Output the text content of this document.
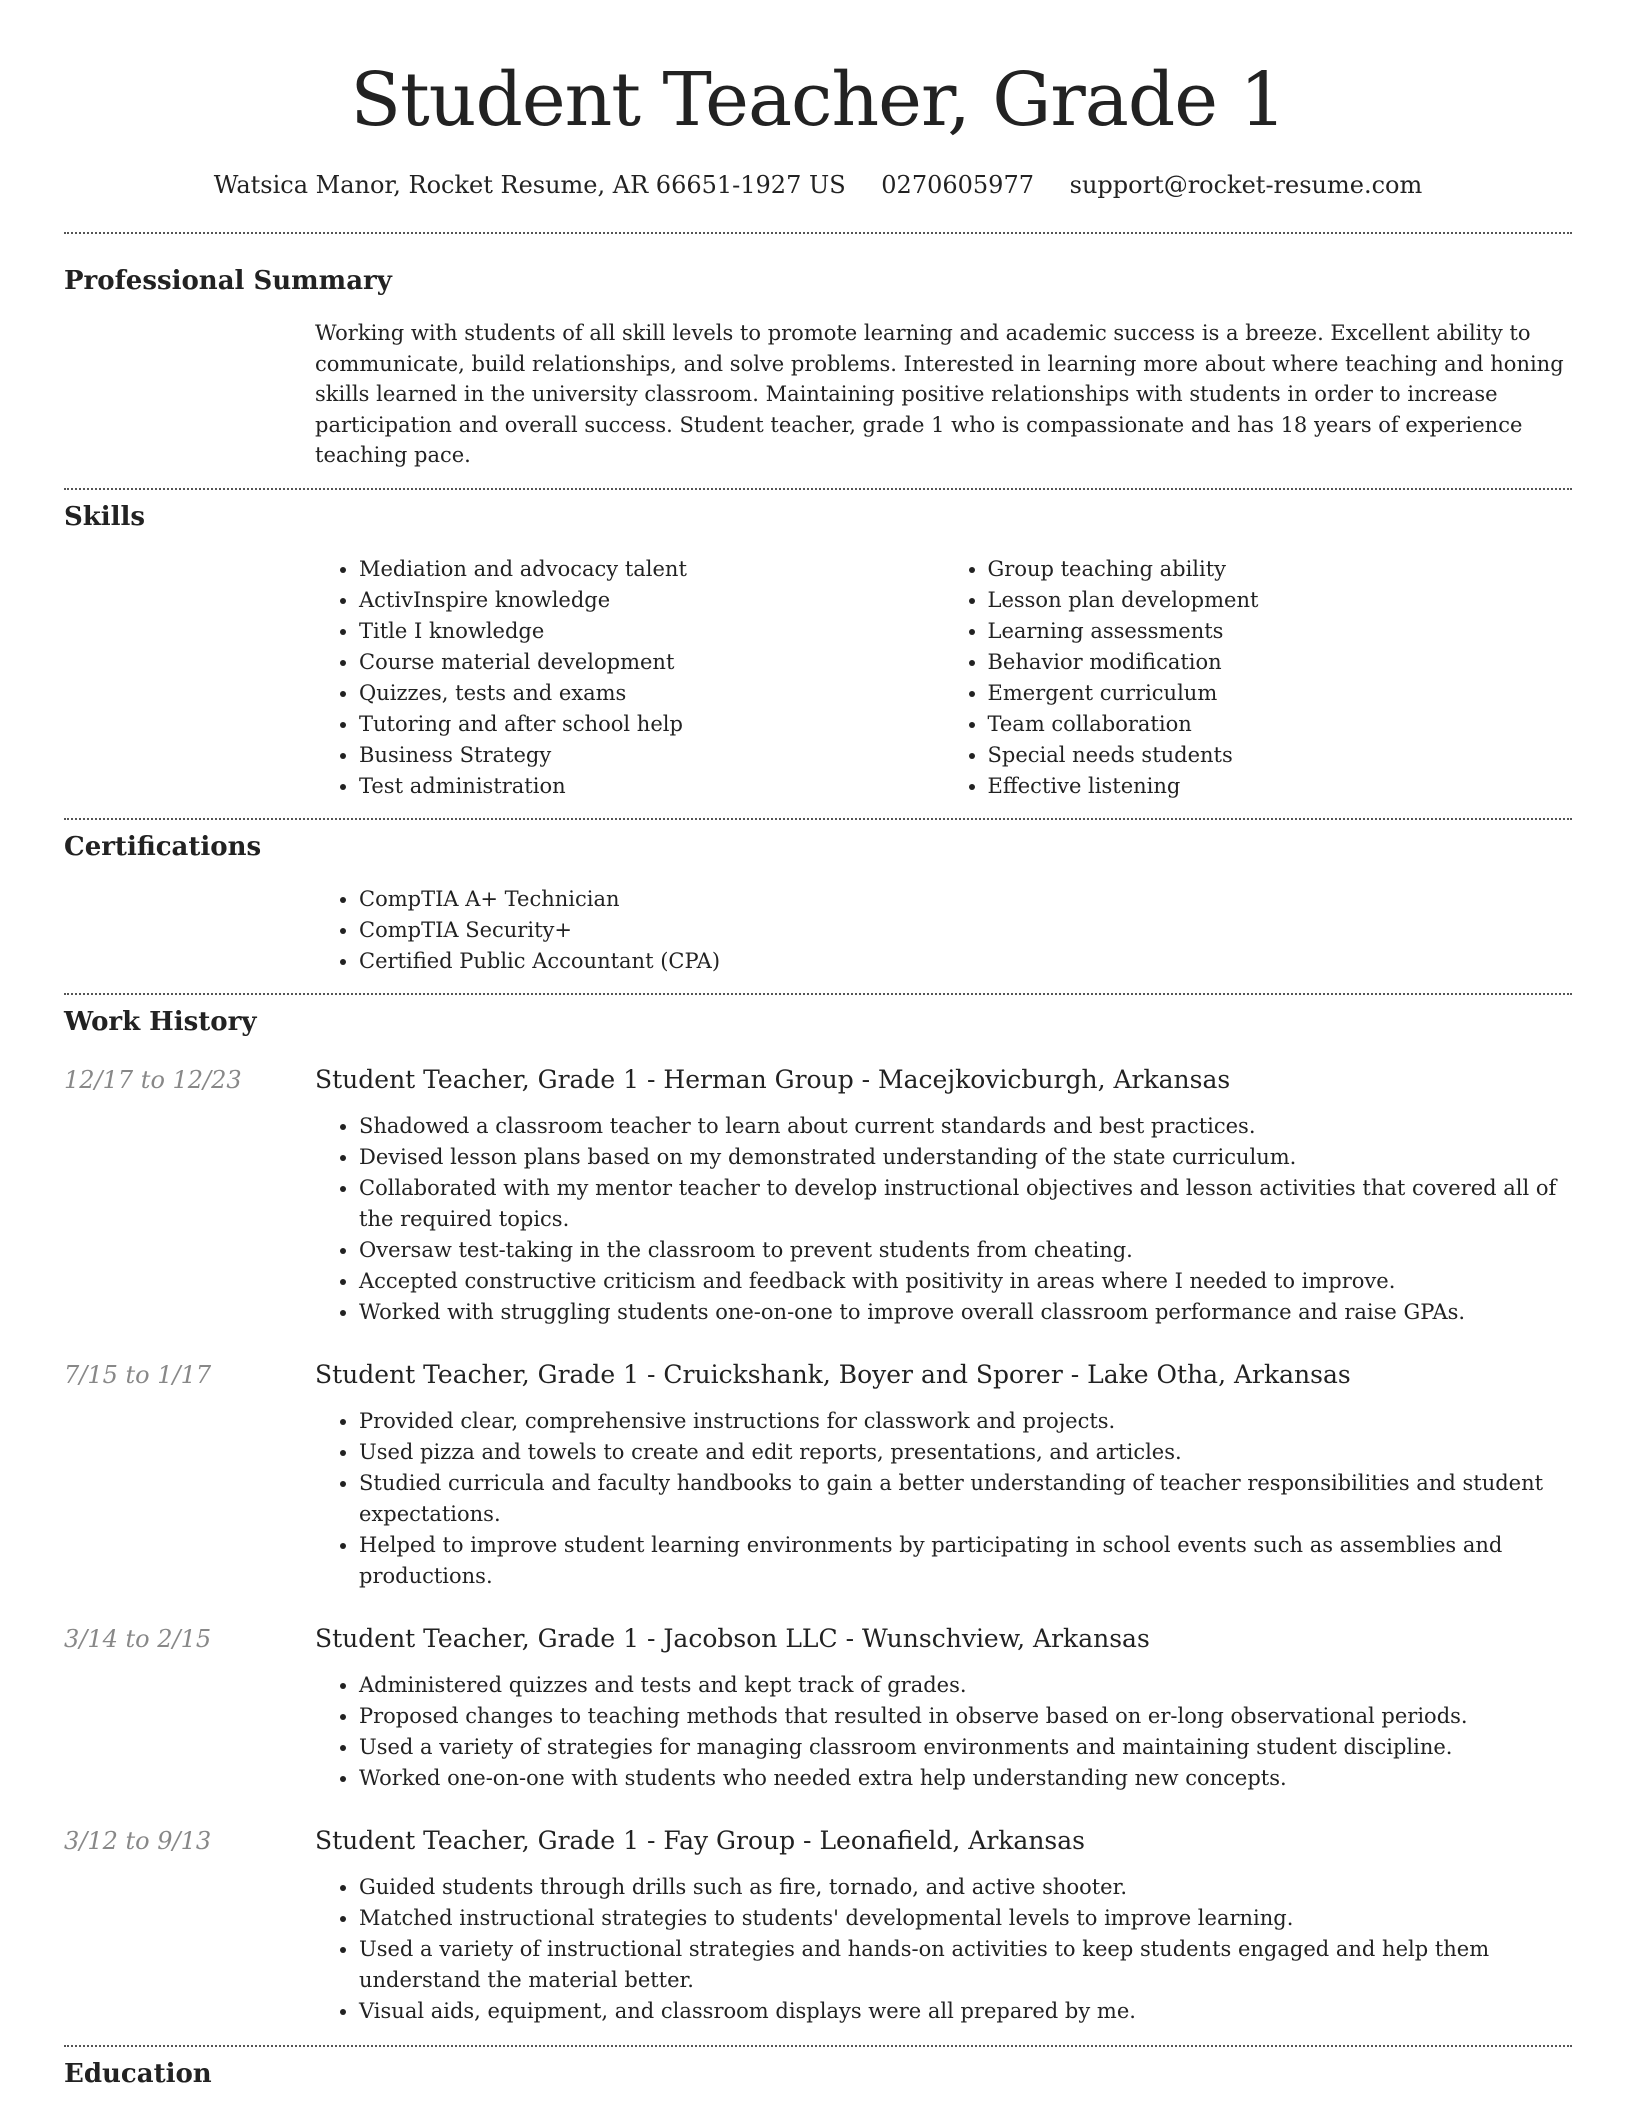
Student Teacher, Grade 1
Watsica Manor, Rocket Resume, AR 66651-1927 US 0270605977 support@rocket-resume.com
Professional Summary

Working with students of all skill levels to promote learning and academic success is a breeze. Excellent ability to communicate, build relationships, and solve problems. Interested in learning more about where teaching and honing skills learned in the university classroom. Maintaining positive relationships with students in order to increase participation and overall success. Student teacher, grade 1 who is compassionate and has 18 years of experience teaching pace.

Skills
• Mediation and advocacy talent
• ActivInspire knowledge
• Title I knowledge
• Course material development
• Quizzes, tests and exams
• Tutoring and after school help
• Business Strategy
• Test administration
• Group teaching ability
• Lesson plan development
• Learning assessments
• Behavior modification
• Emergent curriculum
• Team collaboration
• Special needs students
• Effective listening
Certifications
• CompTIA A+ Technician
• CompTIA Security+
• Certified Public Accountant (CPA)
Work History
12/17 to 12/23	Student Teacher, Grade 1 - Herman Group - Macejkovicburgh, Arkansas
• Shadowed a classroom teacher to learn about current standards and best practices.
• Devised lesson plans based on my demonstrated understanding of the state curriculum.
• Collaborated with my mentor teacher to develop instructional objectives and lesson activities that covered all of the required topics.
• Oversaw test-taking in the classroom to prevent students from cheating.
• Accepted constructive criticism and feedback with positivity in areas where I needed to improve.
• Worked with struggling students one-on-one to improve overall classroom performance and raise GPAs.
7/15 to 1/17	Student Teacher, Grade 1 - Cruickshank, Boyer and Sporer - Lake Otha, Arkansas
• Provided clear, comprehensive instructions for classwork and projects.
• Used pizza and towels to create and edit reports, presentations, and articles.
• Studied curricula and faculty handbooks to gain a better understanding of teacher responsibilities and student expectations.
• Helped to improve student learning environments by participating in school events such as assemblies and productions.
3/14 to 2/15	Student Teacher, Grade 1 - Jacobson LLC - Wunschview, Arkansas
• Administered quizzes and tests and kept track of grades.
• Proposed changes to teaching methods that resulted in observe based on er-long observational periods.
• Used a variety of strategies for managing classroom environments and maintaining student discipline.
• Worked one-on-one with students who needed extra help understanding new concepts.
3/12 to 9/13	Student Teacher, Grade 1 - Fay Group - Leonafield, Arkansas
• Guided students through drills such as fire, tornado, and active shooter.
• Matched instructional strategies to students' developmental levels to improve learning.
• Used a variety of instructional strategies and hands-on activities to keep students engaged and help them understand the material better.
• Visual aids, equipment, and classroom displays were all prepared by me.
Education
